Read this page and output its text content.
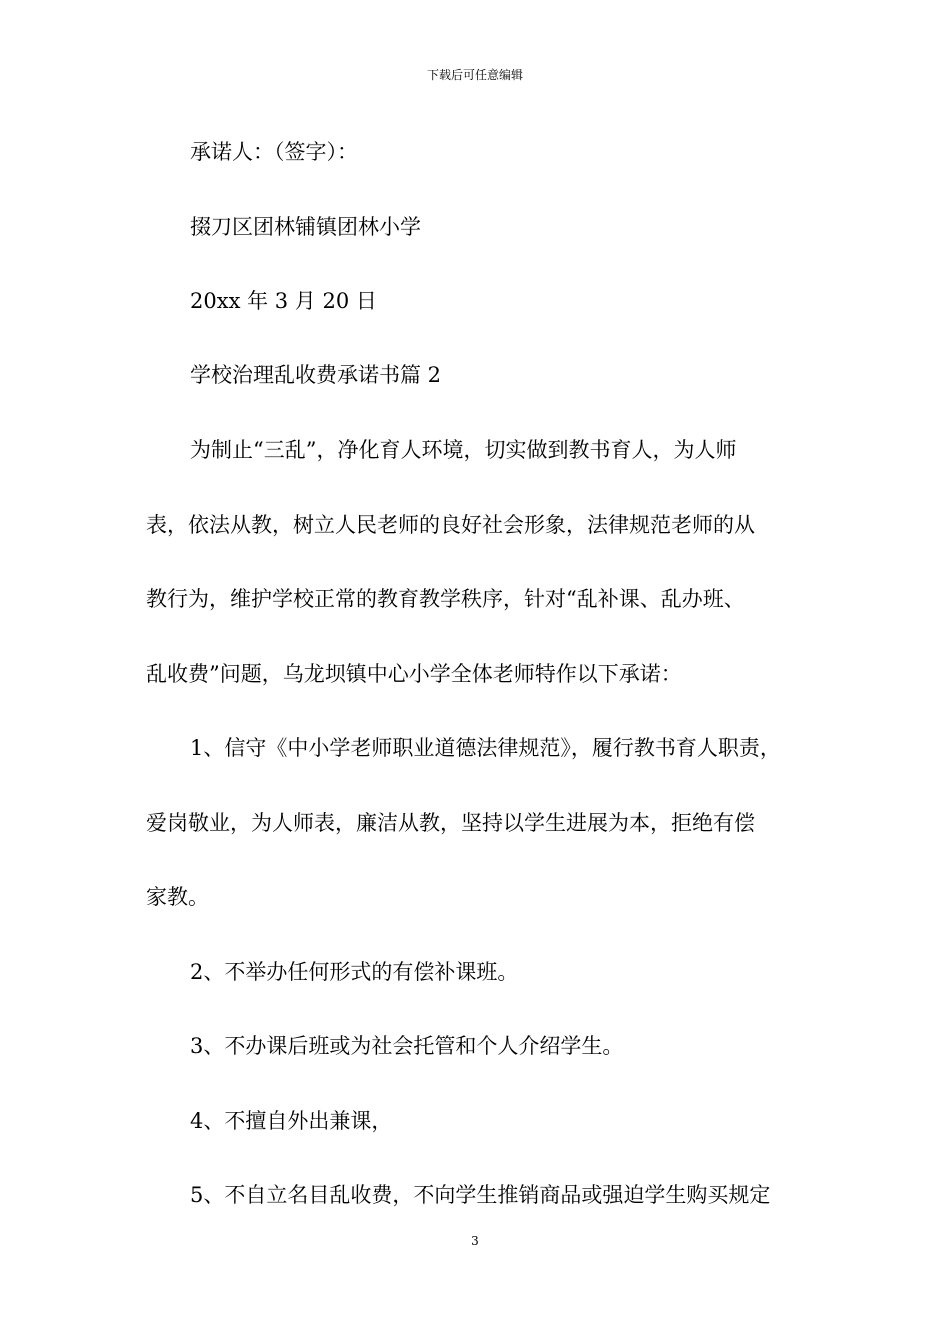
下载后可任意编辑
承诺人：（签字）：
掇刀区团林铺镇团林小学
20xx 年 3 月 20 日
学校治理乱收费承诺书篇 2
为制止“三乱”，净化育人环境，切实做到教书育人，为人师
表，依法从教，树立人民老师的良好社会形象，法律规范老师的从
教行为，维护学校正常的教育教学秩序，针对“乱补课、乱办班、
乱收费”问题，乌龙坝镇中心小学全体老师特作以下承诺：
1、信守《中小学老师职业道德法律规范》，履行教书育人职责，
爱岗敬业，为人师表，廉洁从教，坚持以学生进展为本，拒绝有偿
家教。
2、不举办任何形式的有偿补课班。
3、不办课后班或为社会托管和个人介绍学生。
4、不擅自外出兼课，
5、不自立名目乱收费，不向学生推销商品或强迫学生购买规定
3
